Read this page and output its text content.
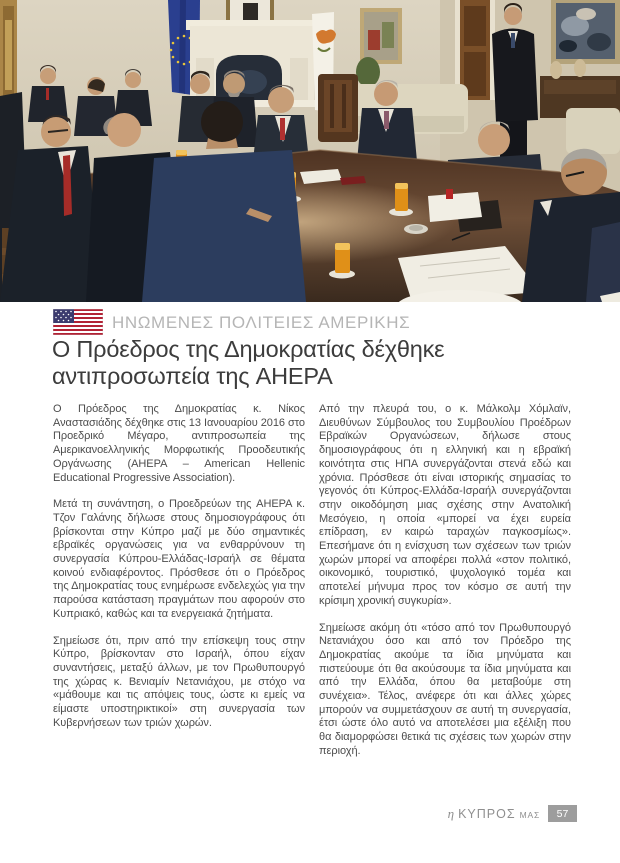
ΗΝΩΜΕΝΕΣ ΠΟΛΙΤΕΙΕΣ ΑΜΕΡΙΚΗΣ
Ο Πρόεδρος της Δημοκρατίας δέχθηκε αντιπροσωπεία της AHEPA

Ο Πρόεδρος της Δημοκρατίας κ. Νίκος Αναστασιάδης δέχθηκε στις 13 Ιανουαρίου 2016 στο Προεδρικό Μέγαρο, αντιπροσωπεία της Αμερικανοελληνικής Μορφωτικής Προοδευτικής Οργάνωσης (AHEPA – American Hellenic Educational Progressive Association).

Μετά τη συνάντηση, ο Προεδρεύων της AHEPA κ. Τζον Γαλάνης δήλωσε στους δημοσιογράφους ότι βρίσκονται στην Κύπρο μαζί με δύο σημαντικές εβραϊκές οργανώσεις για να ενθαρρύνουν τη συνεργασία Κύπρου-Ελλάδας-Ισραήλ σε θέματα κοινού ενδιαφέροντος. Πρόσθεσε ότι ο Πρόεδρος της Δημοκρατίας τους ενημέρωσε ενδελεχώς για την παρούσα κατάσταση πραγμάτων που αφορούν στο Κυπριακό, καθώς και τα ενεργειακά ζητήματα.

Σημείωσε ότι, πριν από την επίσκεψη τους στην Κύπρο, βρίσκονταν στο Ισραήλ, όπου είχαν συναντήσεις, μεταξύ άλλων, με τον Πρωθυπουργό της χώρας κ. Βενιαμίν Νετανιάχου, με στόχο να «μάθουμε και τις απόψεις τους, ώστε κι εμείς να είμαστε υποστηρικτικοί» στη συνεργασία των Κυβερνήσεων των τριών χωρών.

Από την πλευρά του, ο κ. Μάλκολμ Χόμλαϊν, Διευθύνων Σύμβουλος του Συμβουλίου Προέδρων Εβραϊκών Οργανώσεων, δήλωσε στους δημοσιογράφους ότι η ελληνική και η εβραϊκή κοινότητα στις ΗΠΑ συνεργάζονται στενά εδώ και χρόνια. Πρόσθεσε ότι είναι ιστορικής σημασίας το γεγονός ότι Κύπρος-Ελλάδα-Ισραήλ συνεργάζονται στην οικοδόμηση μιας σχέσης στην Ανατολική Μεσόγειο, η οποία «μπορεί να έχει ευρεία επίδραση, εν καιρώ ταραχών παγκοσμίως». Επεσήμανε ότι η ενίσχυση των σχέσεων των τριών χωρών μπορεί να αποφέρει πολλά «στον πολιτικό, οικονομικό, τουριστικό, ψυχολογικό τομέα και αποτελεί μήνυμα προς τον κόσμο σε αυτή την κρίσιμη χρονική συγκυρία».

Σημείωσε ακόμη ότι «τόσο από τον Πρωθυπουργό Νετανιάχου όσο και από τον Πρόεδρο της Δημοκρατίας ακούμε τα ίδια μηνύματα και πιστεύουμε ότι θα ακούσουμε τα ίδια μηνύματα και από την Ελλάδα, όπου θα μεταβούμε στη συνέχεια». Τέλος, ανέφερε ότι και άλλες χώρες μπορούν να συμμετάσχουν σε αυτή τη συνεργασία, έτσι ώστε όλο αυτό να αποτελέσει μια εξέλιξη που θα διαμορφώσει θετικά τις σχέσεις των χωρών στην περιοχή.

η ΚΥΠΡΟΣ ΜΑΣ	57
